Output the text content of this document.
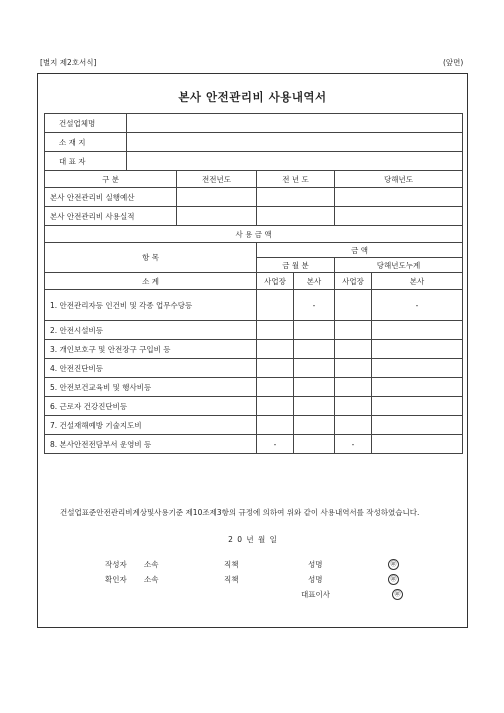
[별지 제2호서식]	(앞면)
본사 안전관리비 사용내역서
건설업체명						
소 재 지						
대 표 자						
구 분		전전년도	전 년 도		당해년도	
본사 안전관리비 실행예산						
본사 안전관리비 사용실적						
사 용 금 액						
항 목			금 액			
			금 월 분		당해년도누계	
소 계			사업장	본사	사업장	본사
1. 안전관리자등 인건비 및 각종 업무수당등				-		-
2. 안전시설비등						
3. 개인보호구 및 안전장구 구입비 등						
4. 안전진단비등						
5. 안전보건교육비 및 행사비등						
6. 근로자 건강진단비등						
7. 건설재해예방 기술지도비						
8. 본사안전전담부서 운영비 등			-		-	
건설업표준안전관리비계상및사용기준 제10조제3항의 규정에 의하여 위와 같이 사용내역서를 작성하였습니다.
2 0 년 월 일
작성자 소속	직책	성명	㊞
확인자 소속	직책	성명	㊞
대표이사	㊞
